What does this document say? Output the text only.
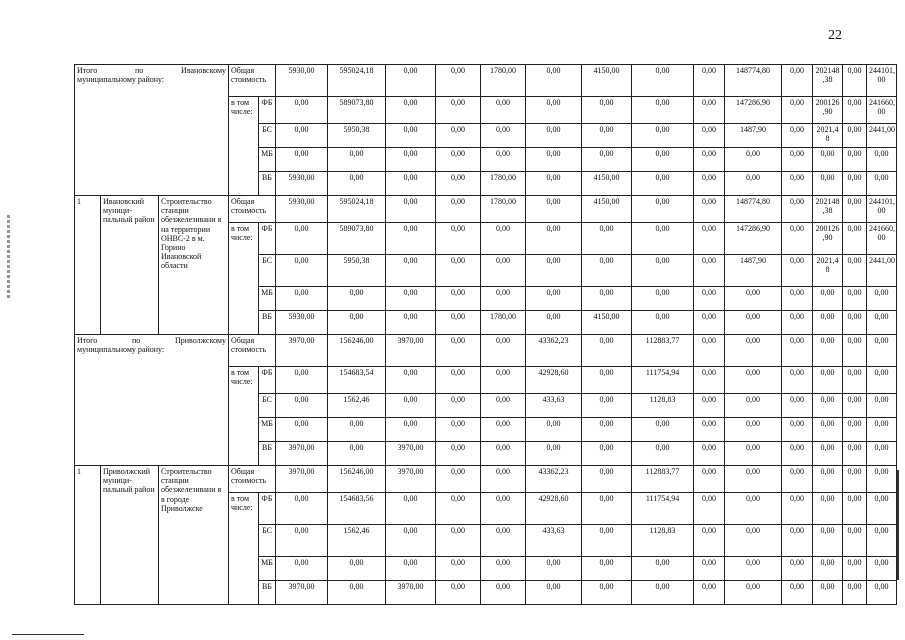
22
Итого по Ивановскому
муниципальному району:			Общая стоимость		5930,00	595024,18	0,00	0,00	1780,00	0,00	4150,00	0,00	0,00	148774,80	0,00	202148 ,38	0,00	244101, 00
			в том числе:	ФБ	0,00	589073,80	0,00	0,00	0,00	0,00	0,00	0,00	0,00	147286,90	0,00	200126 ,90	0,00	241660, 00
				БС	0,00	5950,38	0,00	0,00	0,00	0,00	0,00	0,00	0,00	1487,90	0,00	2021,4 8	0,00	2441,00
				МБ	0,00	0,00	0,00	0,00	0,00	0,00	0,00	0,00	0,00	0,00	0,00	0,00	0,00	0,00
				ВБ	5930,00	0,00	0,00	0,00	1780,00	0,00	4150,00	0,00	0,00	0,00	0,00	0,00	0,00	0,00
1	Ивановский муници- пальный район	Строительство станции обезжелезивани я на территории ОНВС-2 в м. Горино Ивановской области	Общая стоимость		5930,00	595024,18	0,00	0,00	1780,00	0,00	4150,00	0,00	0,00	148774,80	0,00	202148 ,38	0,00	244101, 00
			в том числе:	ФБ	0,00	589073,80	0,00	0,00	0,00	0,00	0,00	0,00	0,00	147286,90	0,00	200126 ,90	0,00	241660, 00
				БС	0,00	5950,38	0,00	0,00	0,00	0,00	0,00	0,00	0,00	1487,90	0,00	2021,4 8	0,00	2441,00
				МБ	0,00	0,00	0,00	0,00	0,00	0,00	0,00	0,00	0,00	0,00	0,00	0,00	0,00	0,00
				ВБ	5930,00	0,00	0,00	0,00	1780,00	0,00	4150,00	0,00	0,00	0,00	0,00	0,00	0,00	0,00
Итого по Приволжскому
муниципальному району:			Общая стоимость		3970,00	156246,00	3970,00	0,00	0,00	43362,23	0,00	112883,77	0,00	0,00	0,00	0,00	0,00	0,00
			в том числе:	ФБ	0,00	154683,54	0,00	0,00	0,00	42928,60	0,00	111754,94	0,00	0,00	0,00	0,00	0,00	0,00
				БС	0,00	1562,46	0,00	0,00	0,00	433,63	0,00	1128,83	0,00	0,00	0,00	0,00	0,00	0,00
				МБ	0,00	0,00	0,00	0,00	0,00	0,00	0,00	0,00	0,00	0,00	0,00	0,00	0,00	0,00
				ВБ	3970,00	0,00	3970,00	0,00	0,00	0,00	0,00	0,00	0,00	0,00	0,00	0,00	0,00	0,00
1	Приволжский муници- пальный район	Строительство станции обезжелезивани я в городе Приволжске	Общая стоимость		3970,00	156246,00	3970,00	0,00	0,00	43362,23	0,00	112883,77	0,00	0,00	0,00	0,00	0,00	0,00
			в том числе:	ФБ	0,00	154683,56	0,00	0,00	0,00	42928,60	0,00	111754,94	0,00	0,00	0,00	0,00	0,00	0,00
				БС	0,00	1562,46	0,00	0,00	0,00	433,63	0,00	1128,83	0,00	0,00	0,00	0,00	0,00	0,00
				МБ	0,00	0,00	0,00	0,00	0,00	0,00	0,00	0,00	0,00	0,00	0,00	0,00	0,00	0,00
				ВБ	3970,00	0,00	3970,00	0,00	0,00	0,00	0,00	0,00	0,00	0,00	0,00	0,00	0,00	0,00
